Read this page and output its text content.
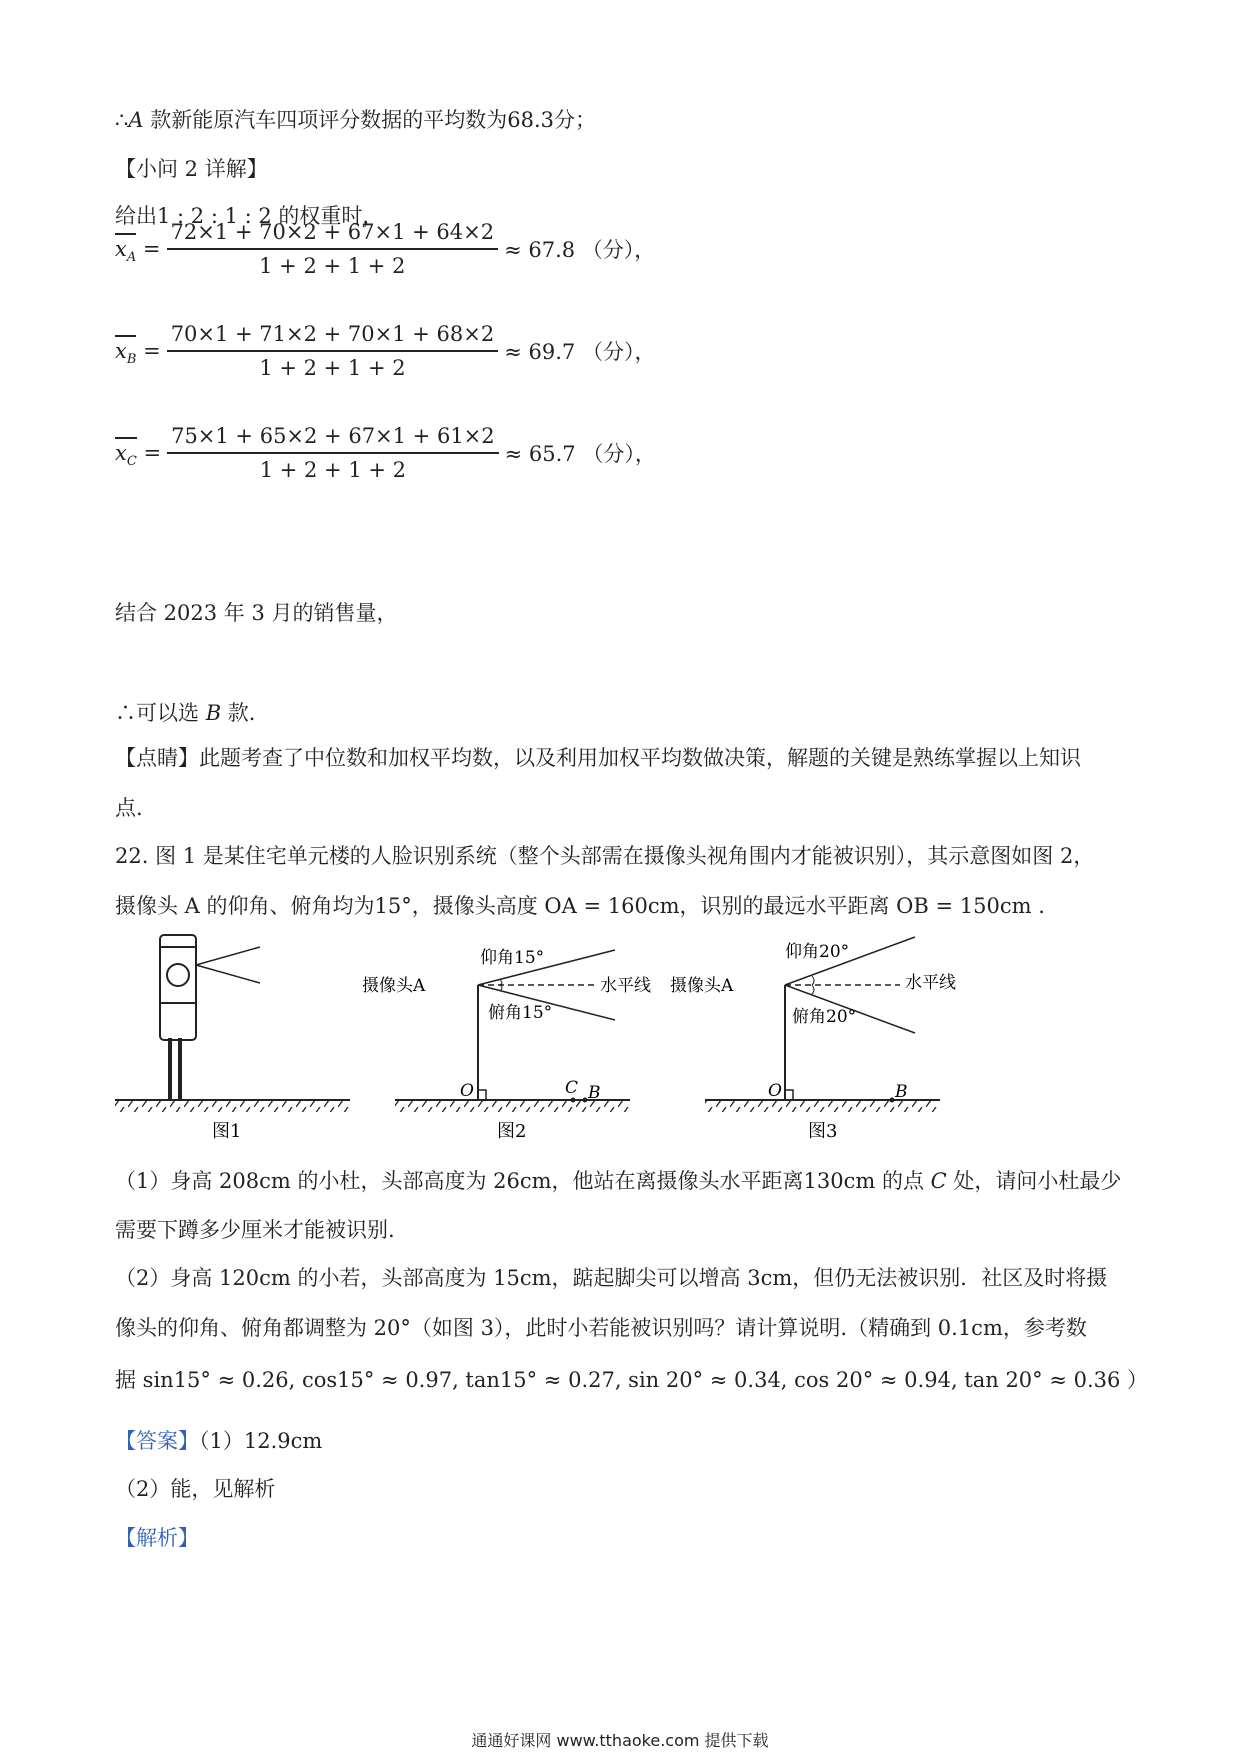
∴A 款新能原汽车四项评分数据的平均数为68.3分；
【小问 2 详解】
给出1 : 2 : 1 : 2 的权重时，
$x_A = \frac{72\times 1 + 70\times 2 + 67\times 1 + 64\times 2}{1 + 2 + 1 + 2} \approx 67.8$ （分），
$x_B = \frac{70\times 1 + 71\times 2 + 70\times 1 + 68\times 2}{1 + 2 + 1 + 2} \approx 69.7$ （分），
$x_C = \frac{75\times 1 + 65\times 2 + 67\times 1 + 61\times 2}{1 + 2 + 1 + 2} \approx 65.7$ （分），
结合 2023 年 3 月的销售量，
∴可以选 B 款.
【点睛】此题考查了中位数和加权平均数，以及利用加权平均数做决策，解题的关键是熟练掌握以上知识
点.
22. 图 1 是某住宅单元楼的人脸识别系统（整个头部需在摄像头视角围内才能被识别），其示意图如图 2，
摄像头 A 的仰角、俯角均为15°，摄像头高度 OA = 160cm，识别的最远水平距离 OB = 150cm .
图1
仰角15°
摄像头A	水平线
俯角15°
O	C B
图2
仰角20°
摄像头A	水平线
俯角20°
O	B
图3
（1）身高 208cm 的小杜，头部高度为 26cm，他站在离摄像头水平距离130cm 的点 C 处，请问小杜最少
需要下蹲多少厘米才能被识别.
（2）身高 120cm 的小若，头部高度为 15cm，踮起脚尖可以增高 3cm，但仍无法被识别．社区及时将摄
像头的仰角、俯角都调整为 20°（如图 3），此时小若能被识别吗？请计算说明.（精确到 0.1cm，参考数
据 sin15° ≈ 0.26, cos15° ≈ 0.97, tan15° ≈ 0.27, sin 20° ≈ 0.34, cos 20° ≈ 0.94, tan 20° ≈ 0.36 ）
【答案】（1）12.9cm
（2）能，见解析
【解析】
通通好课网 www.tthaoke.com 提供下载
